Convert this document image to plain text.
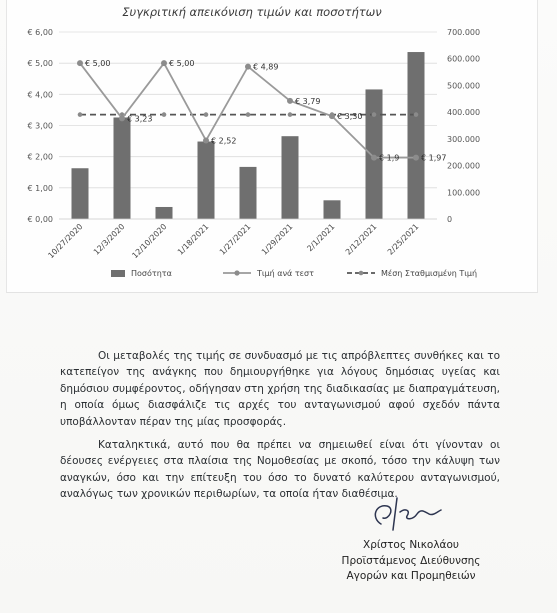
Συγκριτική απεικόνιση τιμών και ποσοτήτων
€ 0,00
€ 1,00
€ 2,00
€ 3,00
€ 4,00
€ 5,00
€ 6,00
0
100.000
200.000
300.000
400.000
500.000
600.000
700.000
€ 5,00
€ 3,23
€ 5,00
€ 2,52
€ 4,89
€ 3,79
€ 3,30
€ 1,9	€ 1,97
10/27/2020 12/3/2020 12/10/2020 1/18/2021 1/27/2021 1/29/2021 2/1/2021 2/12/2021 2/25/2021
Ποσότητα	Τιμή ανά τεστ	Μέση Σταθμισμένη Τιμή

Οι μεταβολές της τιμής σε συνδυασμό με τις απρόβλεπτες συνθήκες και το κατεπείγον της ανάγκης που δημιουργήθηκε για λόγους δημόσιας υγείας και δημόσιου συμφέροντος, οδήγησαν στη χρήση της διαδικασίας με διαπραγμάτευση, η οποία όμως διασφάλιζε τις αρχές του ανταγωνισμού αφού σχεδόν πάντα υποβάλλονταν πέραν της μίας προσφοράς.

Καταληκτικά, αυτό που θα πρέπει να σημειωθεί είναι ότι γίνονταν οι δέουσες ενέργειες στα πλαίσια της Νομοθεσίας με σκοπό, τόσο την κάλυψη των αναγκών, όσο και την επίτευξη του όσο το δυνατό καλύτερου ανταγωνισμού, αναλόγως των χρονικών περιθωρίων, τα οποία ήταν διαθέσιμα.

Χρίστος Νικολάου
Προϊστάμενος Διεύθυνσης
Αγορών και Προμηθειών
